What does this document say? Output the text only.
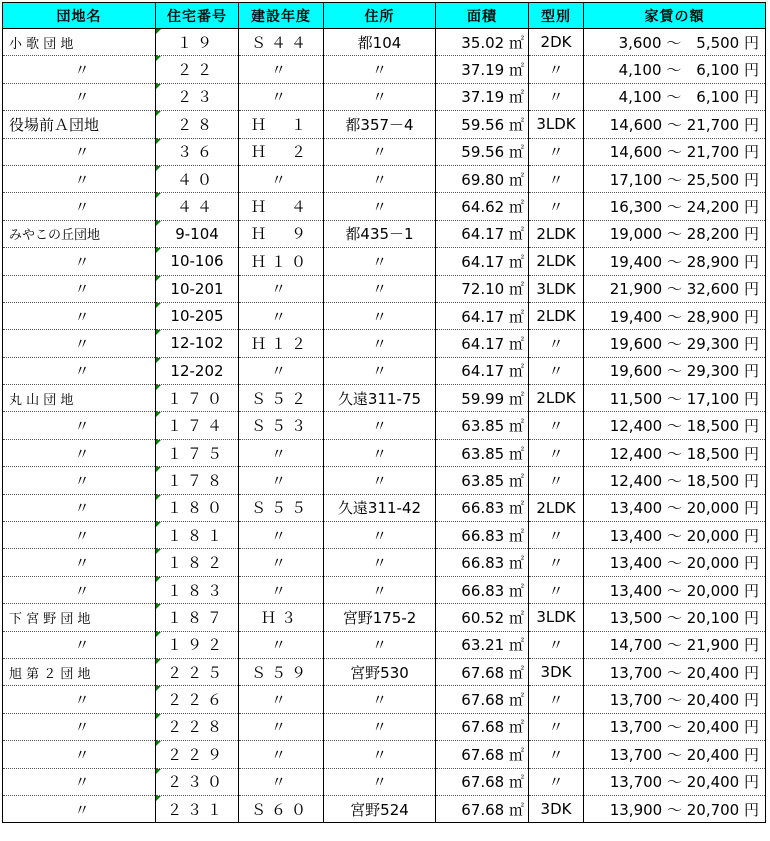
団地名	住宅番号	建設年度	住所	面積	型別	家賃の額
小 歌 団 地	１９	Ｓ４４	都104	35.02 ㎡	2DK	3,600 ～　5,500 円
〃	２２	〃	〃	37.19 ㎡	〃	4,100 ～　6,100 円
〃	２３	〃	〃	37.19 ㎡	〃	4,100 ～　6,100 円
役場前Ａ団地	２８	Ｈ　１	都357－4	59.56 ㎡	3LDK	14,600 ～ 21,700 円
〃	３６	Ｈ　２	〃	59.56 ㎡	〃	14,600 ～ 21,700 円
〃	４０	〃	〃	69.80 ㎡	〃	17,100 ～ 25,500 円
〃	４４	Ｈ　４	〃	64.62 ㎡	〃	16,300 ～ 24,200 円
みやこの丘団地	9-104	Ｈ　９	都435－1	64.17 ㎡	2LDK	19,000 ～ 28,200 円
〃	10-106	Ｈ１０	〃	64.17 ㎡	2LDK	19,400 ～ 28,900 円
〃	10-201	〃	〃	72.10 ㎡	3LDK	21,900 ～ 32,600 円
〃	10-205	〃	〃	64.17 ㎡	2LDK	19,400 ～ 28,900 円
〃	12-102	Ｈ１２	〃	64.17 ㎡	〃	19,600 ～ 29,300 円
〃	12-202	〃	〃	64.17 ㎡	〃	19,600 ～ 29,300 円
丸 山 団 地	１７０	Ｓ５２	久遠311-75	59.99 ㎡	2LDK	11,500 ～ 17,100 円
〃	１７４	Ｓ５３	〃	63.85 ㎡	〃	12,400 ～ 18,500 円
〃	１７５	〃	〃	63.85 ㎡	〃	12,400 ～ 18,500 円
〃	１７８	〃	〃	63.85 ㎡	〃	12,400 ～ 18,500 円
〃	１８０	Ｓ５５	久遠311-42	66.83 ㎡	2LDK	13,400 ～ 20,000 円
〃	１８１	〃	〃	66.83 ㎡	〃	13,400 ～ 20,000 円
〃	１８２	〃	〃	66.83 ㎡	〃	13,400 ～ 20,000 円
〃	１８３	〃	〃	66.83 ㎡	〃	13,400 ～ 20,000 円
下 宮 野 団 地	１８７	Ｈ３	宮野175-2	60.52 ㎡	3LDK	13,500 ～ 20,100 円
〃	１９２	〃	〃	63.21 ㎡	〃	14,700 ～ 21,900 円
旭 第 ２ 団 地	２２５	Ｓ５９	宮野530	67.68 ㎡	3DK	13,700 ～ 20,400 円
〃	２２６	〃	〃	67.68 ㎡	〃	13,700 ～ 20,400 円
〃	２２８	〃	〃	67.68 ㎡	〃	13,700 ～ 20,400 円
〃	２２９	〃	〃	67.68 ㎡	〃	13,700 ～ 20,400 円
〃	２３０	〃	〃	67.68 ㎡	〃	13,700 ～ 20,400 円
〃	２３１	Ｓ６０	宮野524	67.68 ㎡	3DK	13,900 ～ 20,700 円
